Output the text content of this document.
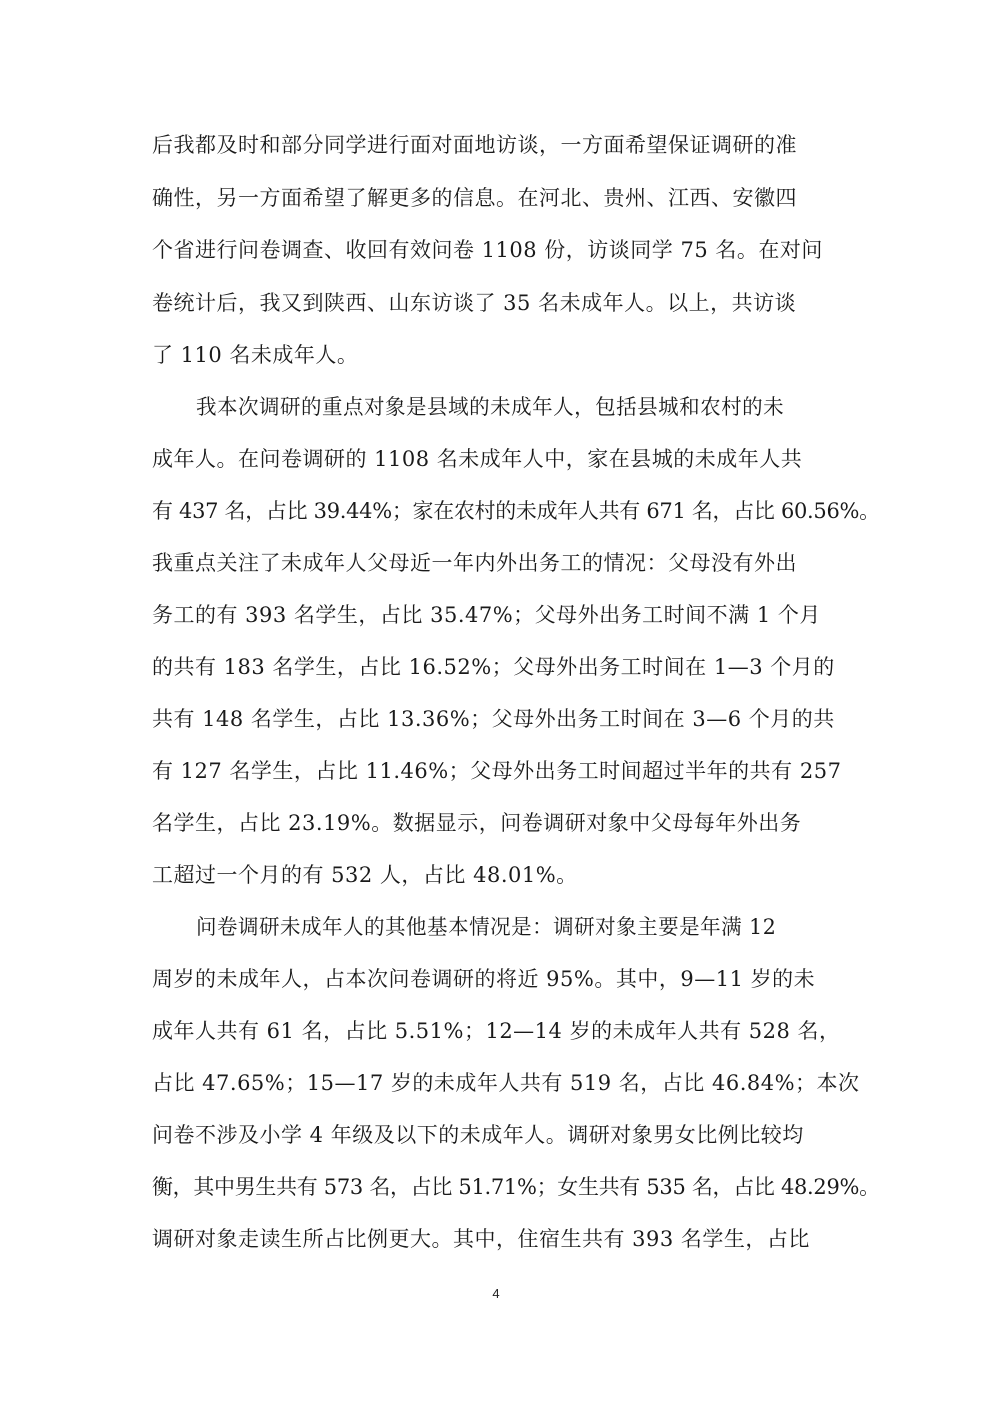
后我都及时和部分同学进行面对面地访谈，一方面希望保证调研的准
确性，另一方面希望了解更多的信息。在河北、贵州、江西、安徽四
个省进行问卷调查、收回有效问卷 1108 份，访谈同学 75 名。在对问
卷统计后，我又到陕西、山东访谈了 35 名未成年人。以上，共访谈
了 110 名未成年人。
我本次调研的重点对象是县域的未成年人，包括县城和农村的未
成年人。在问卷调研的 1108 名未成年人中，家在县城的未成年人共
有 437 名，占比 39.44%；家在农村的未成年人共有 671 名，占比 60.56%。
我重点关注了未成年人父母近一年内外出务工的情况：父母没有外出
务工的有 393 名学生，占比 35.47%；父母外出务工时间不满 1 个月
的共有 183 名学生，占比 16.52%；父母外出务工时间在 1—3 个月的
共有 148 名学生，占比 13.36%；父母外出务工时间在 3—6 个月的共
有 127 名学生，占比 11.46%；父母外出务工时间超过半年的共有 257
名学生，占比 23.19%。数据显示，问卷调研对象中父母每年外出务
工超过一个月的有 532 人，占比 48.01%。
问卷调研未成年人的其他基本情况是：调研对象主要是年满 12
周岁的未成年人，占本次问卷调研的将近 95%。其中，9—11 岁的未
成年人共有 61 名，占比 5.51%；12—14 岁的未成年人共有 528 名，
占比 47.65%；15—17 岁的未成年人共有 519 名，占比 46.84%；本次
问卷不涉及小学 4 年级及以下的未成年人。调研对象男女比例比较均
衡，其中男生共有 573 名，占比 51.71%；女生共有 535 名，占比 48.29%。
调研对象走读生所占比例更大。其中，住宿生共有 393 名学生，占比
4
